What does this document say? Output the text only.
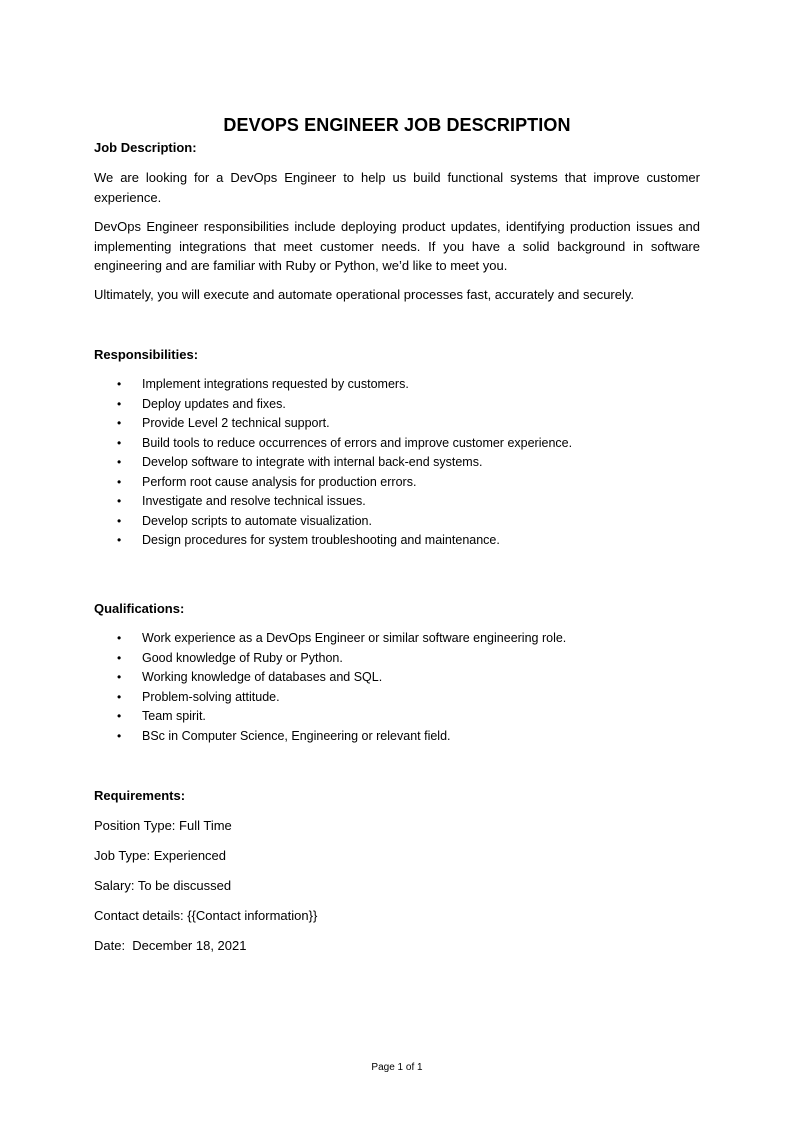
DEVOPS ENGINEER JOB DESCRIPTION
Job Description:
We are looking for a DevOps Engineer to help us build functional systems that improve customer experience.
DevOps Engineer responsibilities include deploying product updates, identifying production issues and implementing integrations that meet customer needs. If you have a solid background in software engineering and are familiar with Ruby or Python, we’d like to meet you.
Ultimately, you will execute and automate operational processes fast, accurately and securely.
Responsibilities:
• Implement integrations requested by customers.
• Deploy updates and fixes.
• Provide Level 2 technical support.
• Build tools to reduce occurrences of errors and improve customer experience.
• Develop software to integrate with internal back-end systems.
• Perform root cause analysis for production errors.
• Investigate and resolve technical issues.
• Develop scripts to automate visualization.
• Design procedures for system troubleshooting and maintenance.
Qualifications:
• Work experience as a DevOps Engineer or similar software engineering role.
• Good knowledge of Ruby or Python.
• Working knowledge of databases and SQL.
• Problem-solving attitude.
• Team spirit.
• BSc in Computer Science, Engineering or relevant field.
Requirements:
Position Type: Full Time
Job Type: Experienced
Salary: To be discussed
Contact details: {{Contact information}}
Date:  December 18, 2021
Page 1 of 1
